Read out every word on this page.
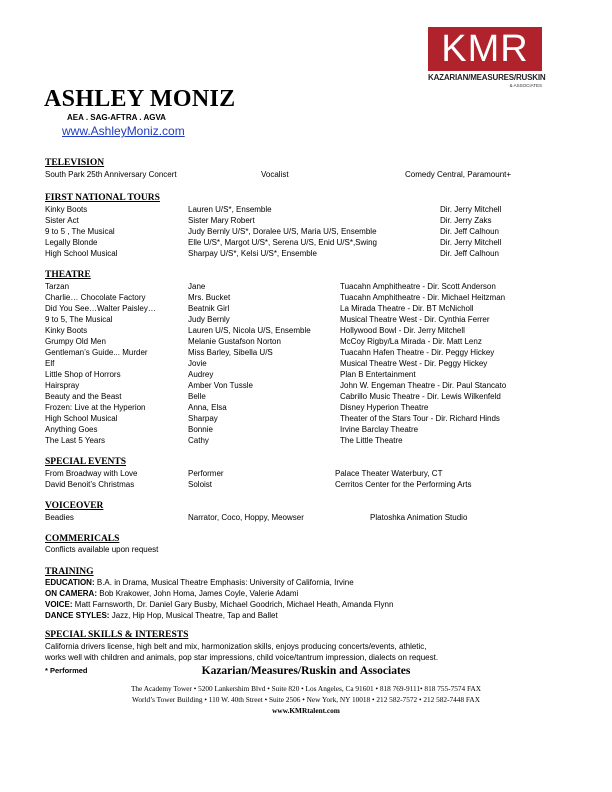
KMR
KAZARIAN/MEASURES/RUSKIN
& ASSOCIATES
ASHLEY MONIZ
AEA . SAG-AFTRA . AGVA
www.AshleyMoniz.com
TELEVISION
South Park 25th Anniversary Concert	Vocalist	Comedy Central, Paramount+
FIRST NATIONAL TOURS
Kinky Boots	Lauren U/S*, Ensemble	Dir. Jerry Mitchell
Sister Act	Sister Mary Robert	Dir. Jerry Zaks
9 to 5 , The Musical	Judy Bernly U/S*, Doralee U/S, Maria U/S, Ensemble	Dir. Jeff Calhoun
Legally Blonde	Elle U/S*, Margot U/S*, Serena U/S, Enid U/S*,Swing	Dir. Jerry Mitchell
High School Musical	Sharpay U/S*, Kelsi U/S*, Ensemble	Dir. Jeff Calhoun
THEATRE
Tarzan	Jane	Tuacahn Amphitheatre - Dir. Scott Anderson
Charlie… Chocolate Factory	Mrs. Bucket	Tuacahn Amphitheatre - Dir. Michael Heitzman
Did You See…Walter Paisley…	Beatnik Girl	La Mirada Theatre - Dir. BT McNicholl
9 to 5, The Musical	Judy Bernly	Musical Theatre West - Dir. Cynthia Ferrer
Kinky Boots	Lauren U/S, Nicola U/S, Ensemble	Hollywood Bowl - Dir. Jerry Mitchell
Grumpy Old Men	Melanie Gustafson Norton	McCoy Rigby/La Mirada - Dir. Matt Lenz
Gentleman’s Guide... Murder	Miss Barley, Sibella U/S	Tuacahn Hafen Theatre - Dir. Peggy Hickey
Elf	Jovie	Musical Theatre West - Dir. Peggy Hickey
Little Shop of Horrors	Audrey	Plan B Entertainment
Hairspray	Amber Von Tussle	John W. Engeman Theatre - Dir. Paul Stancato
Beauty and the Beast	Belle	Cabrillo Music Theatre - Dir. Lewis Wilkenfeld
Frozen: Live at the Hyperion	Anna, Elsa	Disney Hyperion Theatre
High School Musical	Sharpay	Theater of the Stars Tour - Dir. Richard Hinds
Anything Goes	Bonnie	Irvine Barclay Theatre
The Last 5 Years	Cathy	The Little Theatre
SPECIAL EVENTS
From Broadway with Love	Performer	Palace Theater Waterbury, CT
David Benoit’s Christmas	Soloist	Cerritos Center for the Performing Arts
VOICEOVER
Beadies	Narrator, Coco, Hoppy, Meowser	Platoshka Animation Studio
COMMERICALS
Conflicts available upon request
TRAINING
EDUCATION: B.A. in Drama, Musical Theatre Emphasis: University of California, Irvine
ON CAMERA: Bob Krakower, John Homa, James Coyle, Valerie Adami
VOICE: Matt Farnsworth, Dr. Daniel Gary Busby, Michael Goodrich, Michael Heath, Amanda Flynn
DANCE STYLES: Jazz, Hip Hop, Musical Theatre, Tap and Ballet
SPECIAL SKILLS & INTERESTS
California drivers license, high belt and mix, harmonization skills, enjoys producing concerts/events, athletic,
works well with children and animals, pop star impressions, child voice/tantrum impression, dialects on request.
* Performed	Kazarian/Measures/Ruskin and Associates
The Academy Tower • 5200 Lankershim Blvd • Suite 820 • Los Angeles, Ca 91601 • 818 769-9111• 818 755-7574 FAX
World’s Tower Building • 110 W. 40th Street • Suite 2506 • New York, NY 10018 • 212 582-7572 • 212 582-7448 FAX
www.KMRtalent.com
